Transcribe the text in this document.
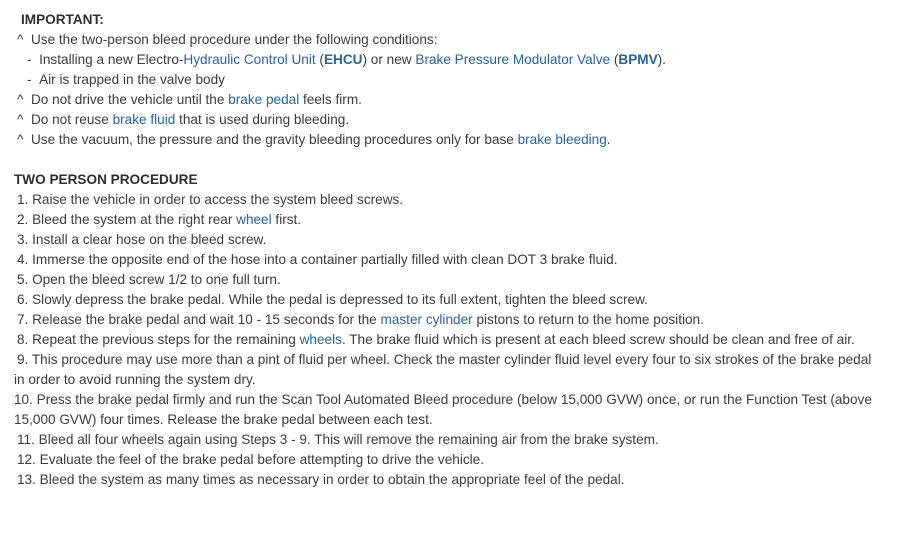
IMPORTANT:
^ Use the two-person bleed procedure under the following conditions:
- Installing a new Electro-Hydraulic Control Unit (EHCU) or new Brake Pressure Modulator Valve (BPMV).
- Air is trapped in the valve body
^ Do not drive the vehicle until the brake pedal feels firm.
^ Do not reuse brake fluid that is used during bleeding.
^ Use the vacuum, the pressure and the gravity bleeding procedures only for base brake bleeding.
TWO PERSON PROCEDURE
1. Raise the vehicle in order to access the system bleed screws.
2. Bleed the system at the right rear wheel first.
3. Install a clear hose on the bleed screw.
4. Immerse the opposite end of the hose into a container partially filled with clean DOT 3 brake fluid.
5. Open the bleed screw 1/2 to one full turn.
6. Slowly depress the brake pedal. While the pedal is depressed to its full extent, tighten the bleed screw.
7. Release the brake pedal and wait 10 - 15 seconds for the master cylinder pistons to return to the home position.
8. Repeat the previous steps for the remaining wheels. The brake fluid which is present at each bleed screw should be clean and free of air.
9. This procedure may use more than a pint of fluid per wheel. Check the master cylinder fluid level every four to six strokes of the brake pedal in order to avoid running the system dry.
10. Press the brake pedal firmly and run the Scan Tool Automated Bleed procedure (below 15,000 GVW) once, or run the Function Test (above 15,000 GVW) four times. Release the brake pedal between each test.
11. Bleed all four wheels again using Steps 3 - 9. This will remove the remaining air from the brake system.
12. Evaluate the feel of the brake pedal before attempting to drive the vehicle.
13. Bleed the system as many times as necessary in order to obtain the appropriate feel of the pedal.
